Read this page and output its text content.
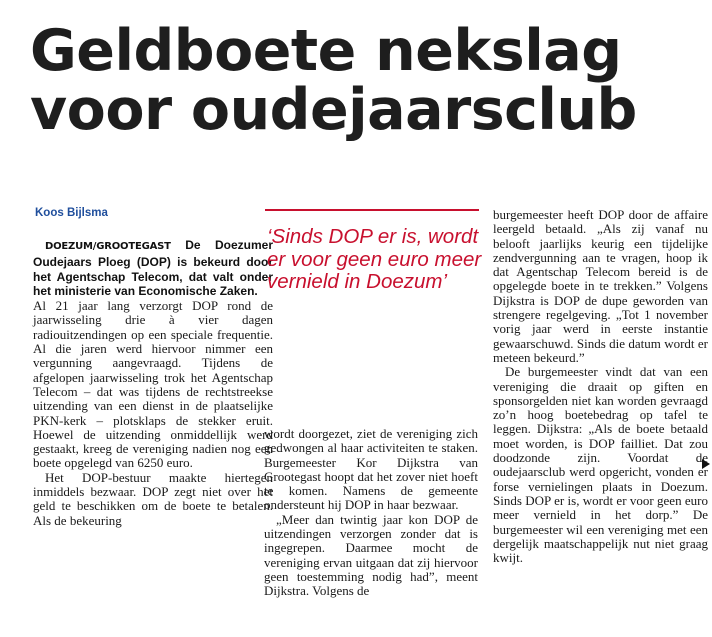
Geldboete nekslag
voor oudejaarsclub
Koos Bijlsma

DOEZUM/GROOTEGAST De Doezumer Oudejaars Ploeg (DOP) is bekeurd door het Agentschap Telecom, dat valt onder het ministerie van Economische Zaken.

Al 21 jaar lang verzorgt DOP rond de jaarwisseling drie à vier dagen radiouitzendingen op een speciale frequentie. Al die jaren werd hiervoor nimmer een vergunning aangevraagd. Tijdens de afgelopen jaarwisseling trok het Agentschap Telecom – dat was tijdens de rechtstreekse uitzending van een dienst in de plaatselijke PKN-kerk – plotsklaps de stekker eruit. Hoewel de uitzending onmiddellijk werd gestaakt, kreeg de vereniging nadien nog een boete opgelegd van 6250 euro.

Het DOP-bestuur maakte hiertegen inmiddels bezwaar. DOP zegt niet over het geld te beschikken om de boete te betalen. Als de bekeuring

‘Sinds DOP er is, wordt er voor geen euro meer vernield in Doezum’

wordt doorgezet, ziet de vereniging zich gedwongen al haar activiteiten te staken. Burgemeester Kor Dijkstra van Grootegast hoopt dat het zover niet hoeft te komen. Namens de gemeente ondersteunt hij DOP in haar bezwaar.

„Meer dan twintig jaar kon DOP de uitzendingen verzorgen zonder dat is ingegrepen. Daarmee mocht de vereniging ervan uitgaan dat zij hiervoor geen toestemming nodig had”, meent Dijkstra. Volgens de

burgemeester heeft DOP door de affaire leergeld betaald. „Als zij vanaf nu belooft jaarlijks keurig een tijdelijke zendvergunning aan te vragen, hoop ik dat Agentschap Telecom bereid is de opgelegde boete in te trekken.” Volgens Dijkstra is DOP de dupe geworden van strengere regelgeving. „Tot 1 november vorig jaar werd in eerste instantie gewaarschuwd. Sinds die datum wordt er meteen bekeurd.”

De burgemeester vindt dat van een vereniging die draait op giften en sponsorgelden niet kan worden gevraagd zo’n hoog boetebedrag op tafel te leggen. Dijkstra: „Als de boete betaald moet worden, is DOP failliet. Dat zou doodzonde zijn. Voordat de oudejaarsclub werd opgericht, vonden er forse vernielingen plaats in Doezum. Sinds DOP er is, wordt er voor geen euro meer vernield in het dorp.” De burgemeester wil een vereniging met een dergelijk maatschappelijk nut niet graag kwijt.
